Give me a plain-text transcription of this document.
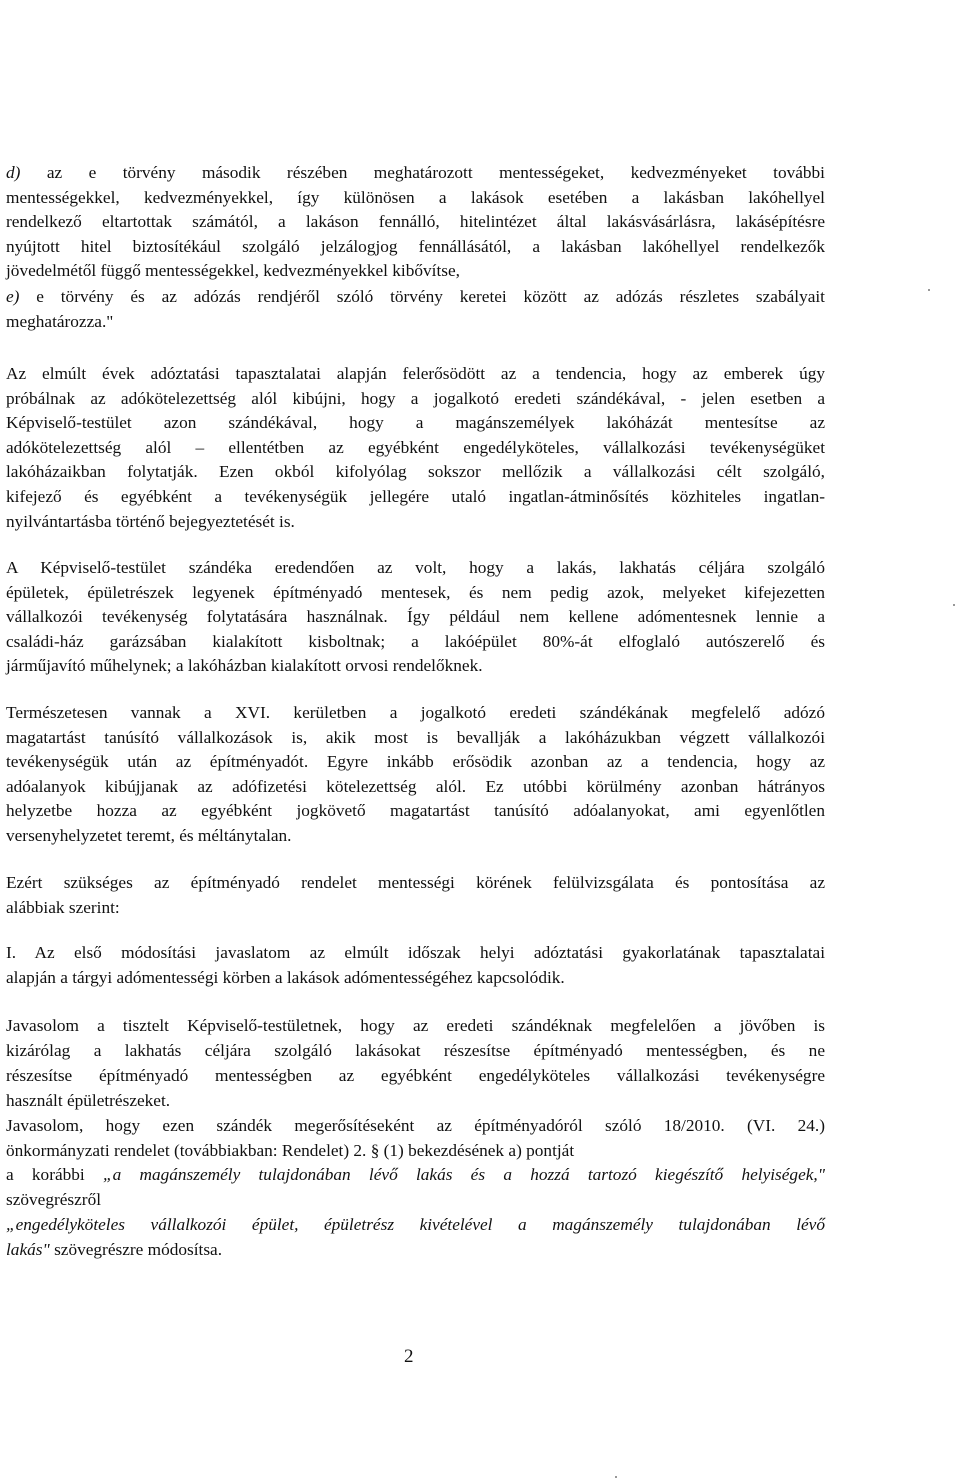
d) az e törvény második részében meghatározott mentességeket, kedvezményeket további
mentességekkel, kedvezményekkel, így különösen a lakások esetében a lakásban lakóhellyel
rendelkező eltartottak számától, a lakáson fennálló, hitelintézet által lakásvásárlásra, lakásépítésre
nyújtott hitel biztosítékául szolgáló jelzálogjog fennállásától, a lakásban lakóhellyel rendelkezők
jövedelmétől függő mentességekkel, kedvezményekkel kibővítse,
e) e törvény és az adózás rendjéről szóló törvény keretei között az adózás részletes szabályait
meghatározza."
Az elmúlt évek adóztatási tapasztalatai alapján felerősödött az a tendencia, hogy az emberek úgy
próbálnak az adókötelezettség alól kibújni, hogy a jogalkotó eredeti szándékával, - jelen esetben a
Képviselő-testület azon szándékával, hogy a magánszemélyek lakóházát mentesítse az
adókötelezettség alól – ellentétben az egyébként engedélyköteles, vállalkozási tevékenységüket
lakóházaikban folytatják. Ezen okból kifolyólag sokszor mellőzik a vállalkozási célt szolgáló,
kifejező és egyébként a tevékenységük jellegére utaló ingatlan-átminősítés közhiteles ingatlan-
nyilvántartásba történő bejegyeztetését is.
A Képviselő-testület szándéka eredendően az volt, hogy a lakás, lakhatás céljára szolgáló
épületek, épületrészek legyenek építményadó mentesek, és nem pedig azok, melyeket kifejezetten
vállalkozói tevékenység folytatására használnak. Így például nem kellene adómentesnek lennie a
családi-ház garázsában kialakított kisboltnak; a lakóépület 80%-át elfoglaló autószerelő és
járműjavító műhelynek; a lakóházban kialakított orvosi rendelőknek.
Természetesen vannak a XVI. kerületben a jogalkotó eredeti szándékának megfelelő adózó
magatartást tanúsító vállalkozások is, akik most is bevallják a lakóházukban végzett vállalkozói
tevékenységük után az építményadót. Egyre inkább erősödik azonban az a tendencia, hogy az
adóalanyok kibújjanak az adófizetési kötelezettség alól. Ez utóbbi körülmény azonban hátrányos
helyzetbe hozza az egyébként jogkövető magatartást tanúsító adóalanyokat, ami egyenlőtlen
versenyhelyzetet teremt, és méltánytalan.
Ezért szükséges az építményadó rendelet mentességi körének felülvizsgálata és pontosítása az
alábbiak szerint:
I. Az első módosítási javaslatom az elmúlt időszak helyi adóztatási gyakorlatának tapasztalatai
alapján a tárgyi adómentességi körben a lakások adómentességéhez kapcsolódik.
Javasolom a tisztelt Képviselő-testületnek, hogy az eredeti szándéknak megfelelően a jövőben is
kizárólag a lakhatás céljára szolgáló lakásokat részesítse építményadó mentességben, és ne
részesítse építményadó mentességben az egyébként engedélyköteles vállalkozási tevékenységre
használt épületrészeket.
Javasolom, hogy ezen szándék megerősítéseként az építményadóról szóló 18/2010. (VI. 24.)
önkormányzati rendelet (továbbiakban: Rendelet) 2. § (1) bekezdésének a) pontját
a korábbi „a magánszemély tulajdonában lévő lakás és a hozzá tartozó kiegészítő helyiségek,"
szövegrészről
„engedélyköteles vállalkozói épület, épületrész kivételével a magánszemély tulajdonában lévő
lakás" szövegrészre módosítsa.
2
